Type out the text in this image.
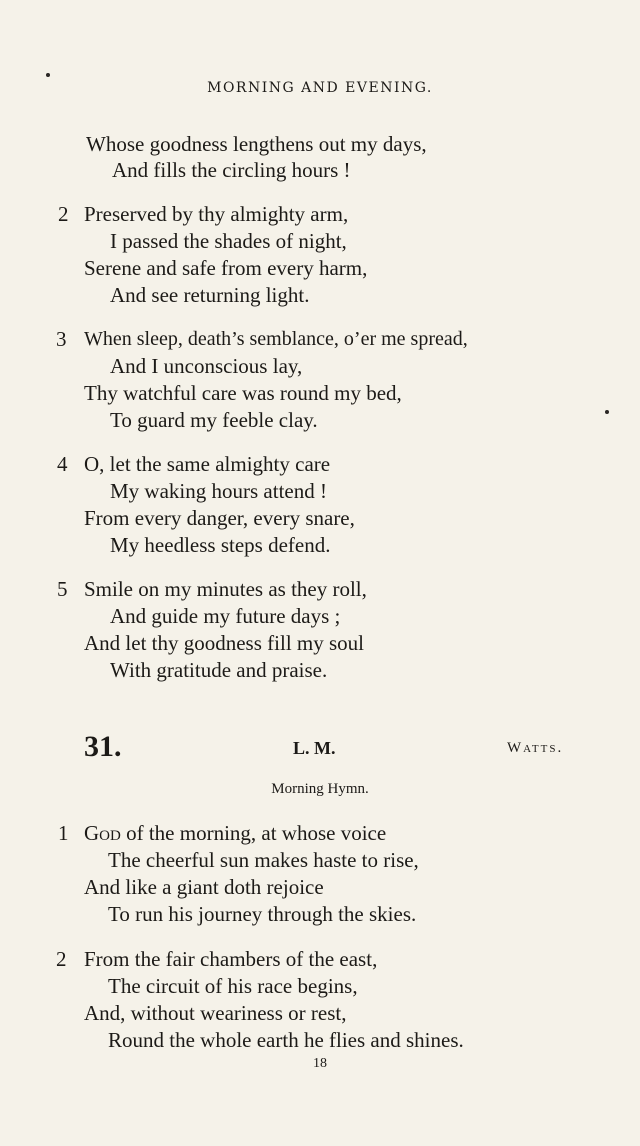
MORNING AND EVENING.
Whose goodness lengthens out my days,
And fills the circling hours !
2 Preserved by thy almighty arm,
I passed the shades of night,
Serene and safe from every harm,
And see returning light.
3 When sleep, death’s semblance, o’er me spread,
And I unconscious lay,
Thy watchful care was round my bed,
To guard my feeble clay.
4 O, let the same almighty care
My waking hours attend !
From every danger, every snare,
My heedless steps defend.
5 Smile on my minutes as they roll,
And guide my future days ;
And let thy goodness fill my soul
With gratitude and praise.
31.	L. M.	Watts.
Morning Hymn.
1 God of the morning, at whose voice
The cheerful sun makes haste to rise,
And like a giant doth rejoice
To run his journey through the skies.
2 From the fair chambers of the east,
The circuit of his race begins,
And, without weariness or rest,
Round the whole earth he flies and shines.
18
